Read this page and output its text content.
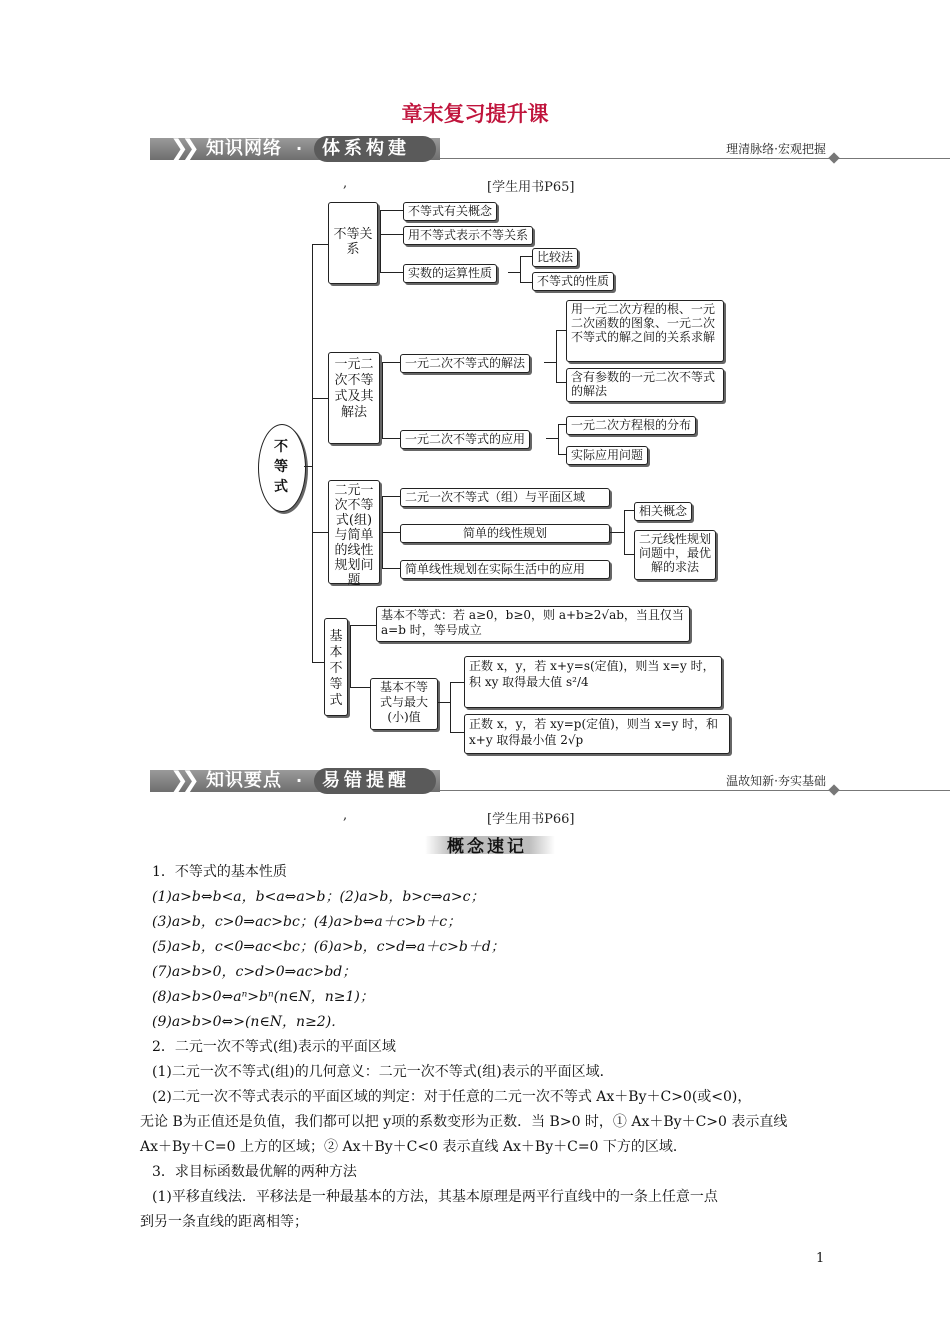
章末复习提升课
❯❯ 知识网络 · 体系构建	理清脉络·宏观把握
,	[学生用书P65]
不等式
不等关系
不等式有关概念
用不等式表示不等关系
实数的运算性质
比较法
不等式的性质
一元二次不等式及其解法
一元二次不等式的解法
一元二次不等式的应用
用一元二次方程的根、一元二次函数的图象、一元二次不等式的解之间的关系求解
含有参数的一元二次不等式的解法
一元二次方程根的分布
实际应用问题
二元一次不等式(组)与简单的线性规划问题
二元一次不等式（组）与平面区域
简单的线性规划
简单线性规划在实际生活中的应用
相关概念
二元线性规划问题中，最优解的求法
基本不等式
基本不等式：若 a≥0，b≥0，则 a+b≥2√ab，当且仅当 a=b 时，等号成立
基本不等式与最大(小)值
正数 x，y，若 x+y=s(定值)，则当 x=y 时，积 xy 取得最大值 s²/4
正数 x，y，若 xy=p(定值)，则当 x=y 时，和 x+y 取得最小值 2√p
❯❯ 知识要点 · 易错提醒	温故知新·夯实基础
,	[学生用书P66]
概念速记
1．不等式的基本性质
(1)a>b⇔b<a，b<a⇔a>b；(2)a>b，b>c⇒a>c；
(3)a>b，c>0⇒ac>bc；(4)a>b⇔a＋c>b＋c；
(5)a>b，c<0⇒ac<bc；(6)a>b，c>d⇒a＋c>b＋d；
(7)a>b>0，c>d>0⇒ac>bd；
(8)a>b>0⇔aⁿ>bⁿ(n∈N，n≥1)；
(9)a>b>0⇔>(n∈N，n≥2)．
2．二元一次不等式(组)表示的平面区域
(1)二元一次不等式(组)的几何意义：二元一次不等式(组)表示的平面区域．
(2)二元一次不等式表示的平面区域的判定：对于任意的二元一次不等式 Ax＋By＋C>0(或<0)，
无论 B为正值还是负值，我们都可以把 y项的系数变形为正数．当 B>0 时，① Ax＋By＋C>0 表示直线
Ax＋By＋C=0 上方的区域；② Ax＋By＋C<0 表示直线 Ax＋By＋C=0 下方的区域．
3．求目标函数最优解的两种方法
(1)平移直线法．平移法是一种最基本的方法，其基本原理是两平行直线中的一条上任意一点
到另一条直线的距离相等；
1
